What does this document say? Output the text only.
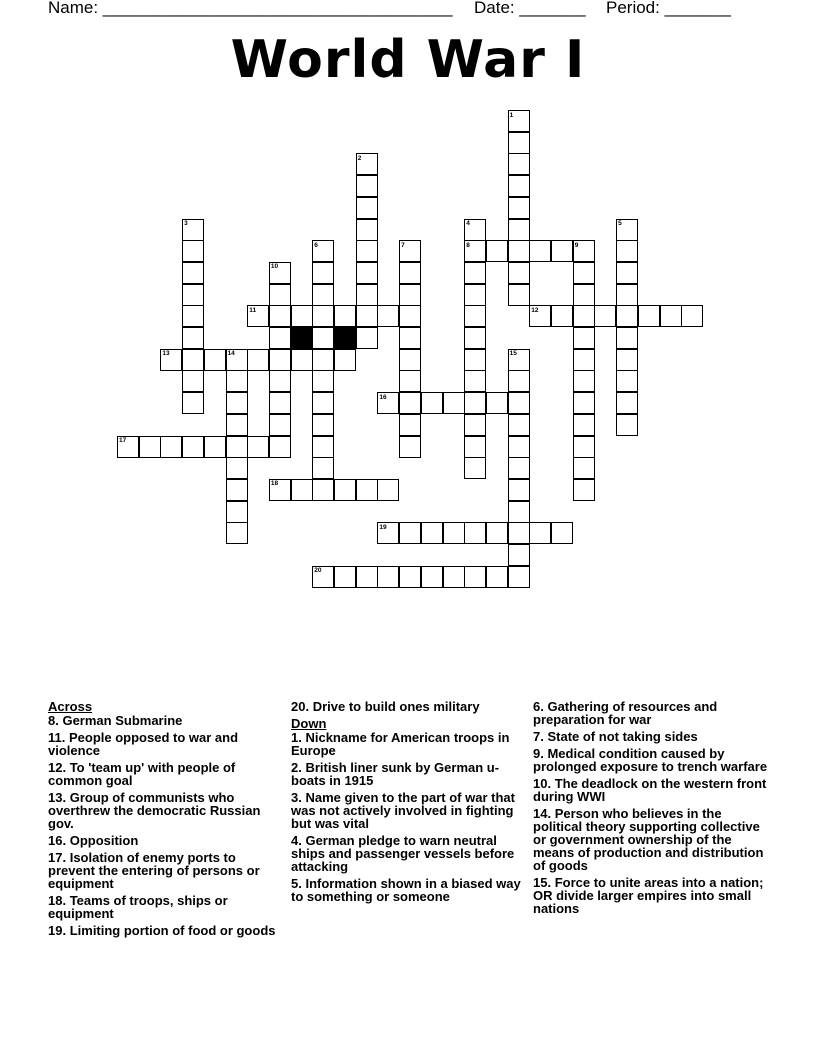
Name: _____________________________________ Date: _______ Period: _______
World War I
1
2
3	4	5
6	7	8	9
10
11	12
13	14	15
16
17
18
19
20
Across
8. German Submarine
11. People opposed to war and violence
12. To 'team up' with people of common goal
13. Group of communists who overthrew the democratic Russian gov.
16. Opposition
17. Isolation of enemy ports to prevent the entering of persons or equipment
18. Teams of troops, ships or equipment
19. Limiting portion of food or goods
20. Drive to build ones military
Down
1. Nickname for American troops in Europe
2. British liner sunk by German u-boats in 1915
3. Name given to the part of war that was not actively involved in fighting but was vital
4. German pledge to warn neutral ships and passenger vessels before attacking
5. Information shown in a biased way to something or someone
6. Gathering of resources and preparation for war
7. State of not taking sides
9. Medical condition caused by prolonged exposure to trench warfare
10. The deadlock on the western front during WWI
14. Person who believes in the political theory supporting collective or government ownership of the means of production and distribution of goods
15. Force to unite areas into a nation; OR divide larger empires into small nations
